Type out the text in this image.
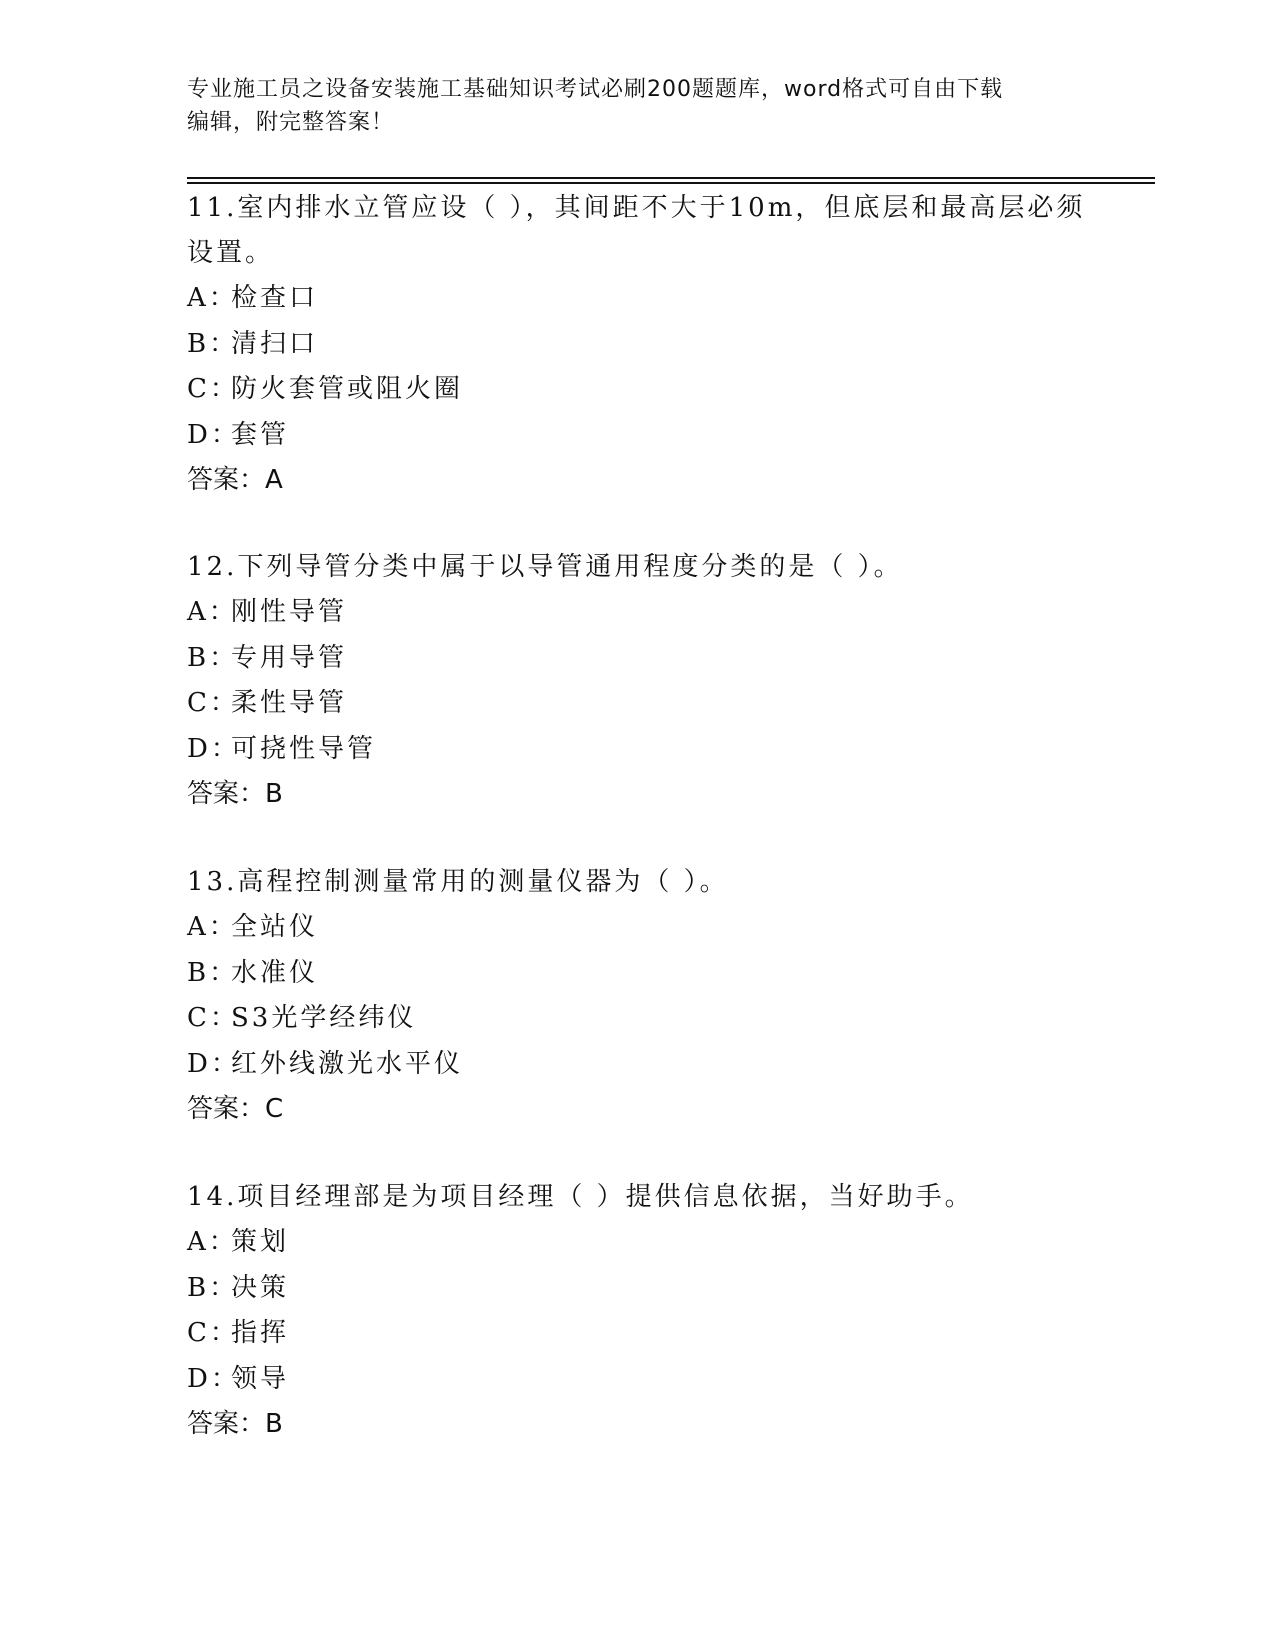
专业施工员之设备安装施工基础知识考试必刷200题题库，word格式可自由下载
编辑，附完整答案！
11.室内排水立管应设（ ），其间距不大于10m，但底层和最高层必须
设置。
A：检查口
B：清扫口
C：防火套管或阻火圈
D：套管
答案：A
12.下列导管分类中属于以导管通用程度分类的是（ ）。
A：刚性导管
B：专用导管
C：柔性导管
D：可挠性导管
答案：B
13.高程控制测量常用的测量仪器为（ ）。
A：全站仪
B：水准仪
C：S3光学经纬仪
D：红外线激光水平仪
答案：C
14.项目经理部是为项目经理（ ）提供信息依据，当好助手。
A：策划
B：决策
C：指挥
D：领导
答案：B
